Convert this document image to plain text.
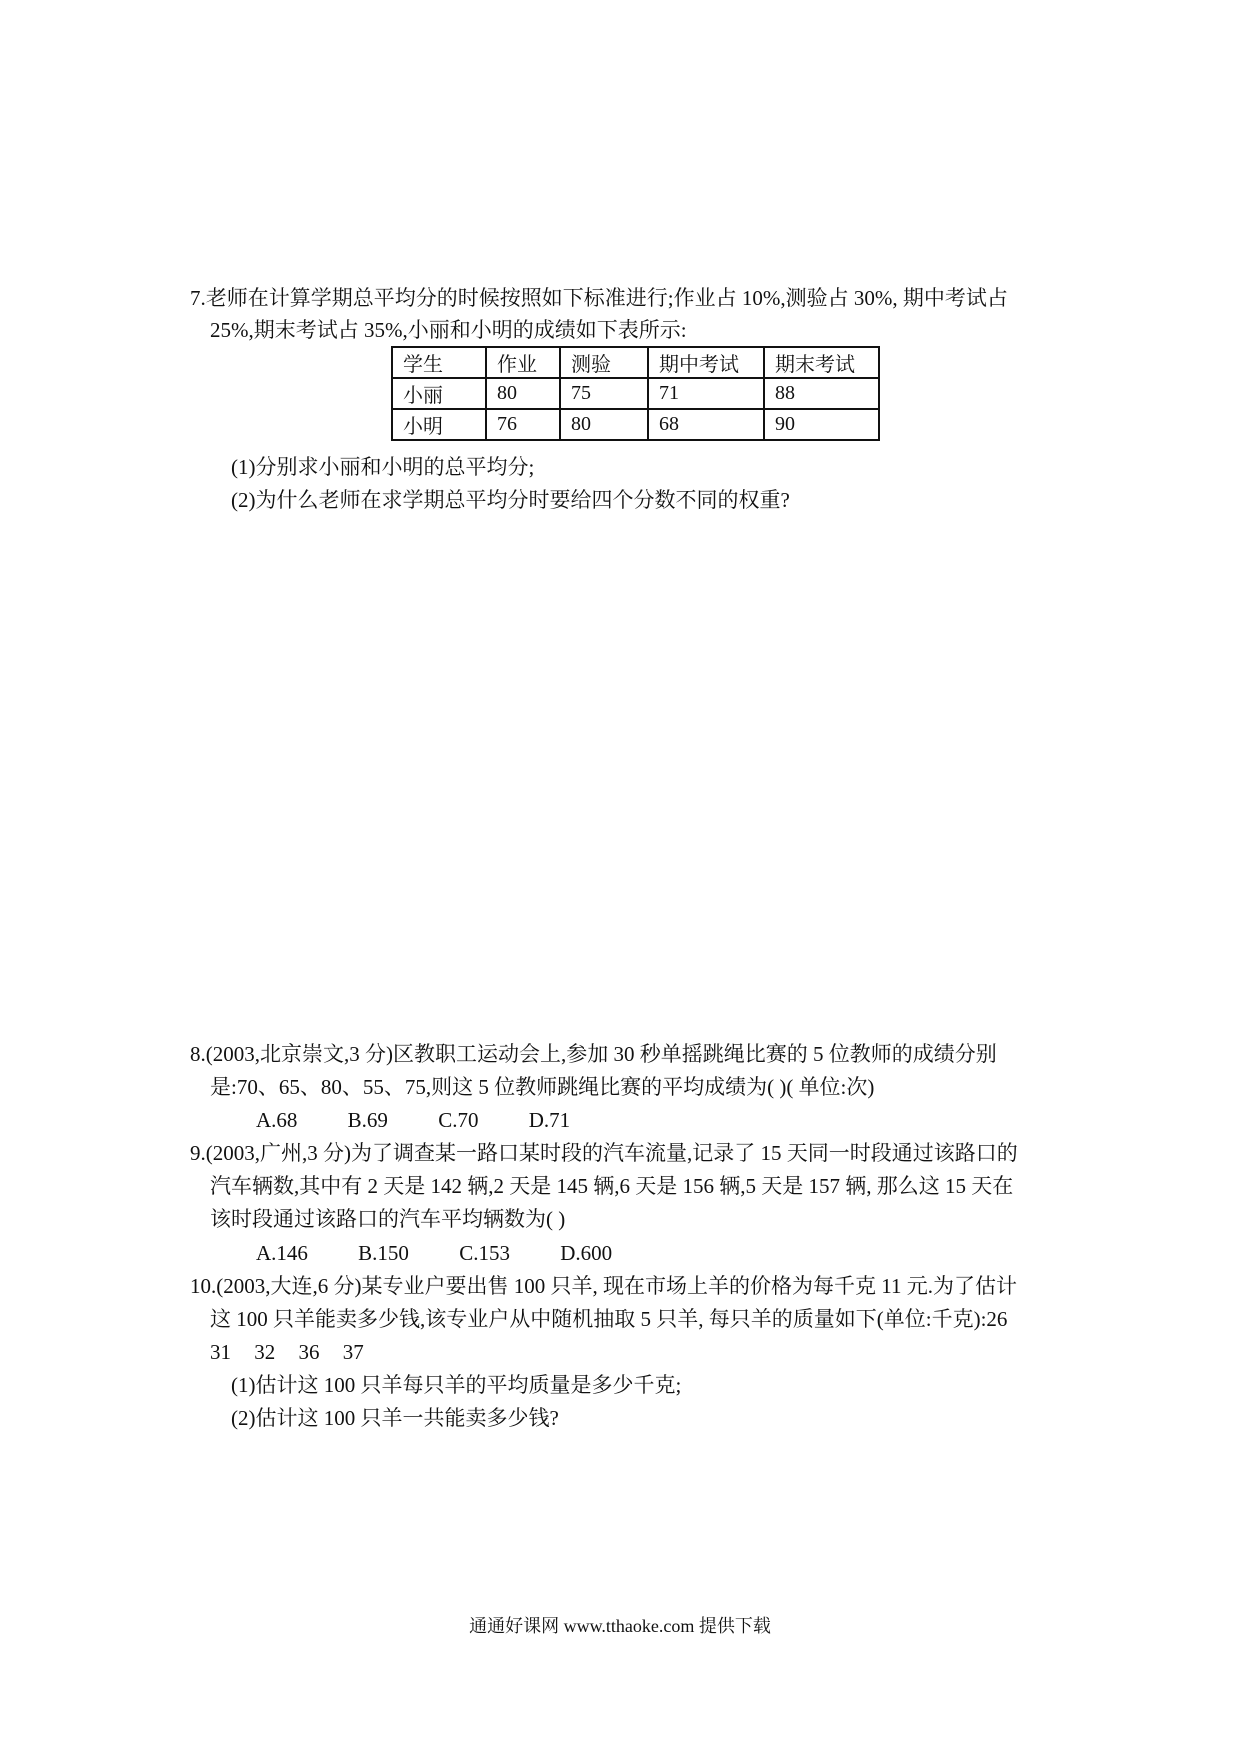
7.老师在计算学期总平均分的时候按照如下标准进行;作业占 10%,测验占 30%, 期中考试占
25%,期末考试占 35%,小丽和小明的成绩如下表所示:
学生	作业	测验	期中考试	期末考试
小丽	80	75	71	88
小明	76	80	68	90
(1)分别求小丽和小明的总平均分;
(2)为什么老师在求学期总平均分时要给四个分数不同的权重?
8.(2003,北京崇文,3 分)区教职工运动会上,参加 30 秒单摇跳绳比赛的 5 位教师的成绩分别
是:70、65、80、55、75,则这 5 位教师跳绳比赛的平均成绩为( )( 单位:次)
A.68 B.69 C.70 D.71
9.(2003,广州,3 分)为了调查某一路口某时段的汽车流量,记录了 15 天同一时段通过该路口的
汽车辆数,其中有 2 天是 142 辆,2 天是 145 辆,6 天是 156 辆,5 天是 157 辆, 那么这 15 天在
该时段通过该路口的汽车平均辆数为( )
A.146 B.150 C.153 D.600
10.(2003,大连,6 分)某专业户要出售 100 只羊, 现在市场上羊的价格为每千克 11 元.为了估计
这 100 只羊能卖多少钱,该专业户从中随机抽取 5 只羊, 每只羊的质量如下(单位:千克):26
31 32 36 37
(1)估计这 100 只羊每只羊的平均质量是多少千克;
(2)估计这 100 只羊一共能卖多少钱?
通通好课网 www.tthaoke.com 提供下载
